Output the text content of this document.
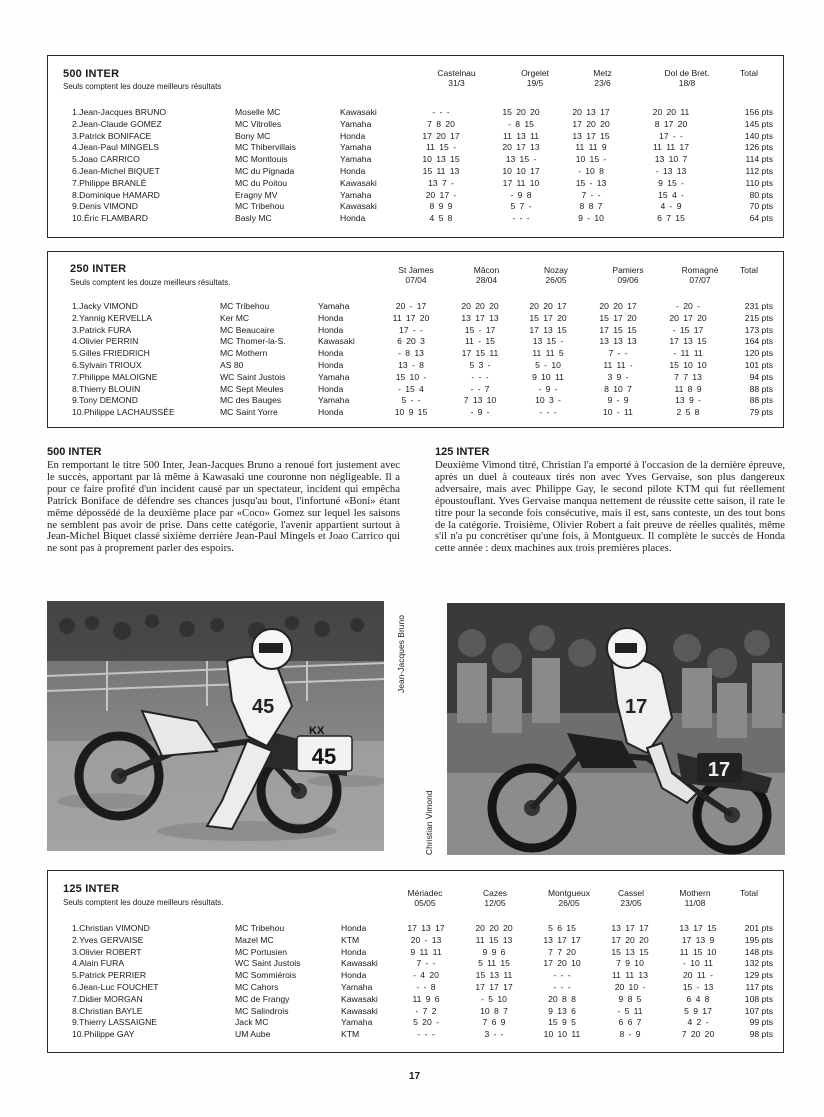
500 INTER
Seuls comptent les douze meilleurs résultats
Castelnau
31/3
Orgelet
19/5
Metz
23/6
Dol de Bret.
18/8
Total
1.Jean-Jacques BRUNO	Moselle MC	Kawasaki	- - -	15 20 20	20 13 17	20 20 11	156 pts
2.Jean-Claude GOMEZ	MC Vitrolles	Yamaha	7 8 20	- 8 15	17 20 20	8 17 20	145 pts
3.Patrick BONIFACE	Bony MC	Honda	17 20 17	11 13 11	13 17 15	17 - -	140 pts
4.Jean-Paul MINGELS	MC Thibervillais	Yamaha	11 15 -	20 17 13	11 11 9	11 11 17	126 pts
5.Joao CARRICO	MC Montlouis	Yamaha	10 13 15	13 15 -	10 15 -	13 10 7	114 pts
6.Jean-Michel BIQUET	MC du Pignada	Honda	15 11 13	10 10 17	- 10 8	- 13 13	112 pts
7.Philippe BRANLÉ	MC du Poitou	Kawasaki	13 7 -	17 11 10	15 - 13	9 15 -	110 pts
8.Dominique HAMARD	Eragny MV	Yamaha	20 17 -	- 9 8	7 - -	15 4 -	80 pts
9.Denis VIMOND	MC Tribehou	Kawasaki	8 9 9	5 7 -	8 8 7	4 - 9	70 pts
10.Éric FLAMBARD	Basly MC	Honda	4 5 8	- - -	9 - 10	6 7 15	64 pts
250 INTER
Seuls comptent les douze meilleurs résultats.
St James
07/04
Mâcon
28/04
Nozay
26/05
Pamiers
09/06
Romagné
07/07
Total
1.Jacky VIMOND	MC Tribehou	Yamaha	20 - 17	20 20 20	20 20 17	20 20 17	- 20 -	231 pts
2.Yannig KERVELLA	Ker MC	Honda	11 17 20	13 17 13	15 17 20	15 17 20	20 17 20	215 pts
3.Patrick FURA	MC Beaucaire	Honda	17 - -	15 - 17	17 13 15	17 15 15	- 15 17	173 pts
4.Olivier PERRIN	MC Thomer-la-S.	Kawasaki	6 20 3	11 - 15	13 15 -	13 13 13	17 13 15	164 pts
5.Gilles FRIEDRICH	MC Mothern	Honda	- 8 13	17 15 11	11 11 5	7 - -	- 11 11	120 pts
6.Sylvain TRIOUX	AS 80	Honda	13 - 8	5 3 -	5 - 10	11 11 -	15 10 10	101 pts
7.Philippe MALOIGNE	WC Saint Justois	Yamaha	15 10 -	- - -	9 10 11	3 9 -	7 7 13	94 pts
8.Thierry BLOUIN	MC Sept Meules	Honda	- 15 4	- - 7	- 9 -	8 10 7	11 8 9	88 pts
9.Tony DEMOND	MC des Bauges	Yamaha	5 - -	7 13 10	10 3 -	9 - 9	13 9 -	88 pts
10.Philippe LACHAUSSÉE	MC Saint Yorre	Honda	10 9 15	- 9 -	- - -	10 - 11	2 5 8	79 pts
500 INTER
En remportant le titre 500 Inter, Jean-Jacques Bruno a renoué fort justement avec le succès, apportant par là même à Kawasaki une couronne non négligeable. Il a pour ce faire profité d'un incident causé par un spectateur, incident qui empêcha Patrick Boniface de défendre ses chances jusqu'au bout, l'infortuné «Boni» étant même dépossédé de la deuxième place par «Coco» Gomez sur lequel les saisons ne semblent pas avoir de prise. Dans cette catégorie, l'avenir appartient surtout à Jean-Michel Biquet classé sixième derrière Jean-Paul Mingels et Joao Carrico qui ne sont pas à proprement parler des espoirs.
125 INTER
Deuxième Vimond titré, Christian l'a emporté à l'occasion de la dernière épreuve, après un duel à couteaux tirés non avec Yves Gervaise, son plus dangereux adversaire, mais avec Philippe Gay, le second pilote KTM qui fut réellement époustouflant. Yves Gervaise manqua nettement de réussite cette saison, il rate le titre pour la seconde fois consécutive, mais il est, sans conteste, un des tout bons de la catégorie. Troisième, Olivier Robert a fait preuve de réelles qualités, même s'il n'a pu concrétiser qu'une fois, à Montgueux. Il complète le succès de Honda cette année : deux machines aux trois premières places.
45
KX
45
Jean-Jacques Bruno
17
17
Christian Vimond
125 INTER
Seuls comptent les douze meilleurs résultats.
Mériadec
05/05
Cazes
12/05
Montgueux
26/05
Cassel
23/05
Mothern
11/08
Total
1.Christian VIMOND	MC Tribehou	Honda	17 13 17	20 20 20	5 6 15	13 17 17	13 17 15	201 pts
2.Yves GERVAISE	Mazel MC	KTM	20 - 13	11 15 13	13 17 17	17 20 20	17 13 9	195 pts
3.Olivier ROBERT	MC Portusien	Honda	9 11 11	9 9 6	7 7 20	15 13 15	11 15 10	148 pts
4.Alain FURA	WC Saint Justois	Kawasaki	7 - -	5 11 15	17 20 10	7 9 10	- 10 11	132 pts
5.Patrick PERRIER	MC Sommiérois	Honda	- 4 20	15 13 11	- - -	11 11 13	20 11 -	129 pts
6.Jean-Luc FOUCHET	MC Cahors	Yamaha	- - 8	17 17 17	- - -	20 10 -	15 - 13	117 pts
7.Didier MORGAN	MC de Frangy	Kawasaki	11 9 6	- 5 10	20 8 8	9 8 5	6 4 8	108 pts
8.Christian BAYLE	MC Salindrois	Kawasaki	- 7 2	10 8 7	9 13 6	- 5 11	5 9 17	107 pts
9.Thierry LASSAIGNE	Jack MC	Yamaha	5 20 -	7 6 9	15 9 5	6 6 7	4 2 -	99 pts
10.Philippe GAY	UM Aube	KTM	- - -	3 - -	10 10 11	8 - 9	7 20 20	98 pts
17
